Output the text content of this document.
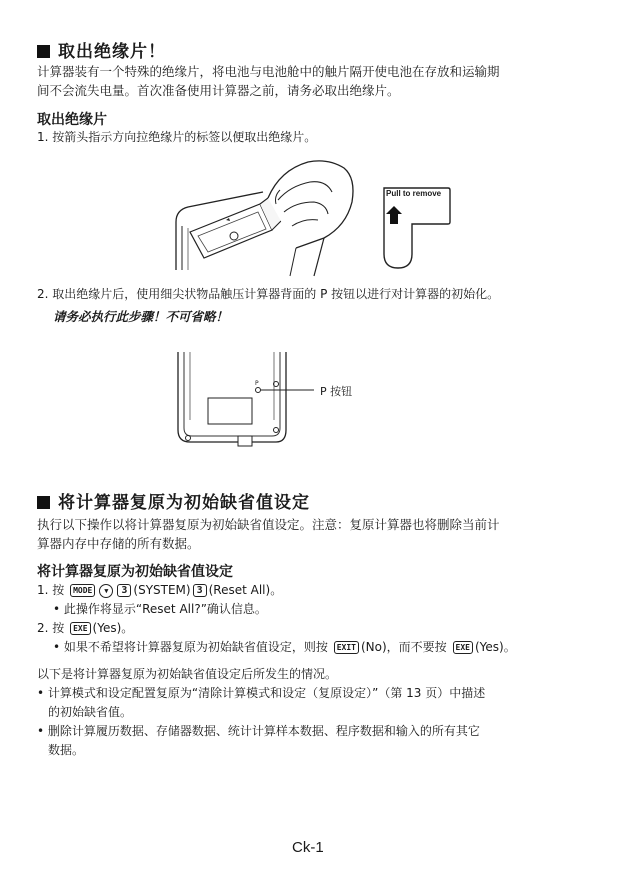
取出绝缘片！
计算器装有一个特殊的绝缘片，将电池与电池舱中的触片隔开使电池在存放和运输期
间不会流失电量。首次准备使用计算器之前，请务必取出绝缘片。
取出绝缘片
1. 按箭头指示方向拉绝缘片的标签以便取出绝缘片。
Pull to remove
2. 取出绝缘片后，使用细尖状物品触压计算器背面的 P 按钮以进行对计算器的初始化。
请务必执行此步骤！不可省略！
P
P 按钮
将计算器复原为初始缺省值设定
执行以下操作以将计算器复原为初始缺省值设定。注意：复原计算器也将删除当前计
算器内存中存储的所有数据。
将计算器复原为初始缺省值设定
1. 按 MODE ▼ 3 (SYSTEM) 3 (Reset All)。
• 此操作将显示“Reset All?”确认信息。
2. 按 EXE (Yes)。
• 如果不希望将计算器复原为初始缺省值设定，则按 EXIT (No)，而不要按 EXE (Yes)。
以下是将计算器复原为初始缺省值设定后所发生的情况。
• 计算模式和设定配置复原为“清除计算模式和设定（复原设定）”（第 13 页）中描述
的初始缺省值。
• 删除计算履历数据、存储器数据、统计计算样本数据、程序数据和输入的所有其它
数据。
Ck-1
